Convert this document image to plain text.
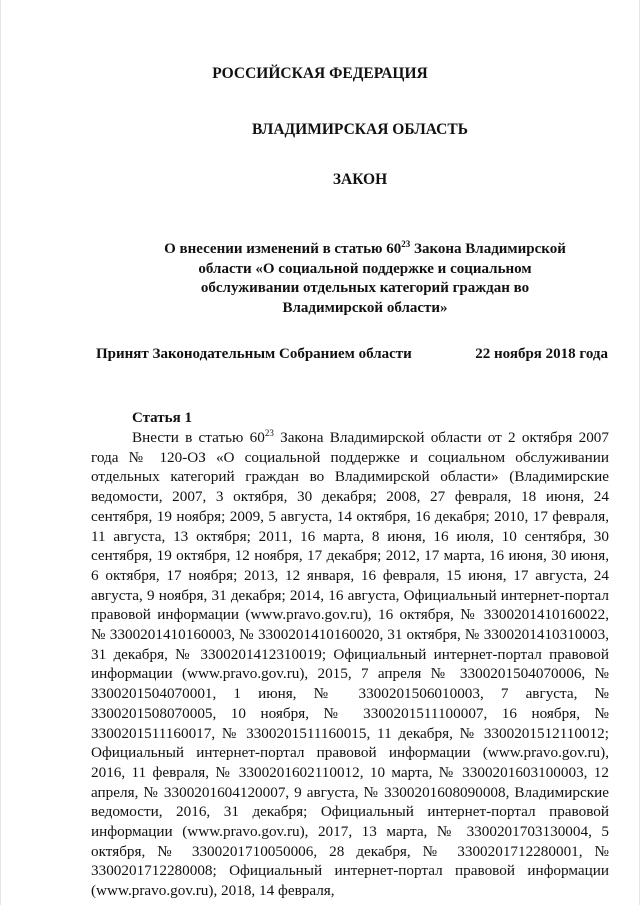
РОССИЙСКАЯ ФЕДЕРАЦИЯ
ВЛАДИМИРСКАЯ ОБЛАСТЬ
ЗАКОН
О внесении изменений в статью $60^{23}$ Закона Владимирской области «О социальной поддержке и социальном обслуживании отдельных категорий граждан во Владимирской области»
Принят Законодательным Собранием области	22 ноября 2018 года
Статья 1

Внести в статью $60^{23}$ Закона Владимирской области от 2 октября 2007 года № 120-ОЗ «О социальной поддержке и социальном обслуживании отдельных категорий граждан во Владимирской области» (Владимирские ведомости, 2007, 3 октября, 30 декабря; 2008, 27 февраля, 18 июня, 24 сентября, 19 ноября; 2009, 5 августа, 14 октября, 16 декабря; 2010, 17 февраля, 11 августа, 13 октября; 2011, 16 марта, 8 июня, 16 июля, 10 сентября, 30 сентября, 19 октября, 12 ноября, 17 декабря; 2012, 17 марта, 16 июня, 30 июня, 6 октября, 17 ноября; 2013, 12 января, 16 февраля, 15 июня, 17 августа, 24 августа, 9 ноября, 31 декабря; 2014, 16 августа, Официальный интернет-портал правовой информации (www.pravo.gov.ru), 16 октября, № 3300201410160022, № 3300201410160003, № 3300201410160020, 31 октября, № 3300201410310003, 31 декабря, № 3300201412310019; Официальный интернет-портал правовой информации (www.pravo.gov.ru), 2015, 7 апреля № 3300201504070006, № 3300201504070001, 1 июня, № 3300201506010003, 7 августа, № 3300201508070005, 10 ноября, № 3300201511100007, 16 ноября, № 3300201511160017, № 3300201511160015, 11 декабря, № 3300201512110012; Официальный интернет-портал правовой информации (www.pravo.gov.ru), 2016, 11 февраля, № 3300201602110012, 10 марта, № 3300201603100003, 12 апреля, № 3300201604120007, 9 августа, № 3300201608090008, Владимирские ведомости, 2016, 31 декабря; Официальный интернет-портал правовой информации (www.pravo.gov.ru), 2017, 13 марта, № 3300201703130004, 5 октября, № 3300201710050006, 28 декабря, № 3300201712280001, № 3300201712280008; Официальный интернет-портал правовой информации (www.pravo.gov.ru), 2018, 14 февраля,
